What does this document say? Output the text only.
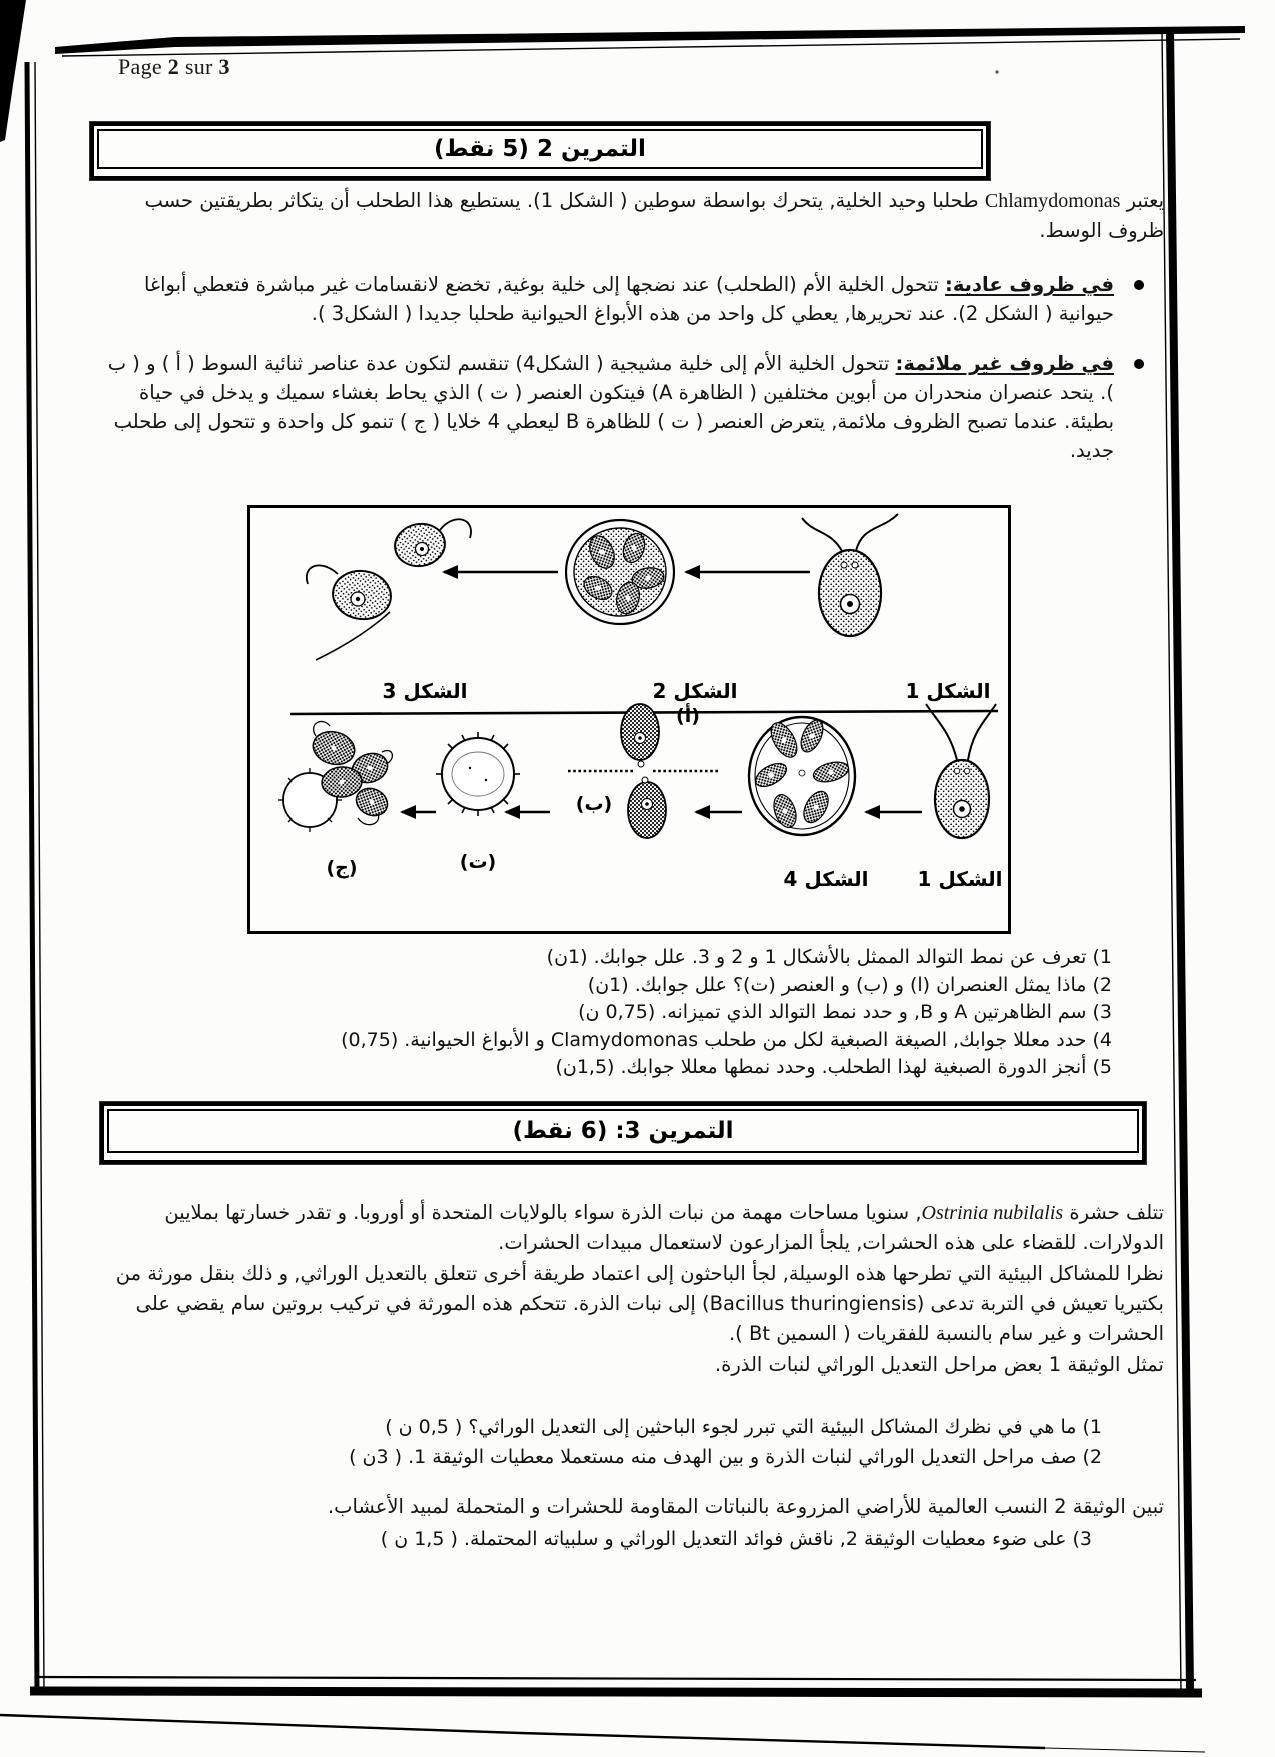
Page 2 sur 3
التمرين 2 (5 نقط)
يعتبر Chlamydomonas طحلبا وحيد الخلية, يتحرك بواسطة سوطين ( الشكل 1). يستطيع هذا الطحلب أن يتكاثر بطريقتين حسب ظروف الوسط.
في ظروف عادية: تتحول الخلية الأم (الطحلب) عند نضجها إلى خلية بوغية, تخضع لانقسامات غير مباشرة فتعطي أبواغا حيوانية ( الشكل 2). عند تحريرها, يعطي كل واحد من هذه الأبواغ الحيوانية طحلبا جديدا ( الشكل3 ).
في ظروف غير ملائمة: تتحول الخلية الأم إلى خلية مشيجية ( الشكل4) تنقسم لتكون عدة عناصر ثنائية السوط ( أ ) و ( ب ). يتحد عنصران منحدران من أبوين مختلفين ( الظاهرة A) فيتكون العنصر ( ت ) الذي يحاط بغشاء سميك و يدخل في حياة بطيئة. عندما تصبح الظروف ملائمة, يتعرض العنصر ( ت ) للظاهرة B ليعطي 4 خلايا ( ج ) تنمو كل واحدة و تتحول إلى طحلب جديد.
الشكل 3	الشكل 2	الشكل 1
(أ)
(ب)
(ت)
(ج)	الشكل 4 الشكل 1
1) تعرف عن نمط التوالد الممثل بالأشكال 1 و 2 و 3. علل جوابك. (1ن)
2) ماذا يمثل العنصران (ا) و (ب) و العنصر (ت)؟ علل جوابك. (1ن)
3) سم الظاهرتين A و B, و حدد نمط التوالد الذي تميزانه. (0,75 ن)
4) حدد معللا جوابك, الصيغة الصبغية لكل من طحلب Clamydomonas و الأبواغ الحيوانية. (0,75)
5) أنجز الدورة الصبغية لهذا الطحلب. وحدد نمطها معللا جوابك. (1,5ن)
التمرين 3: (6 نقط)

تتلف حشرة Ostrinia nubilalis, سنويا مساحات مهمة من نبات الذرة سواء بالولايات المتحدة أو أوروبا. و تقدر خسارتها بملايين الدولارات. للقضاء على هذه الحشرات, يلجأ المزارعون لاستعمال مبيدات الحشرات.

نظرا للمشاكل البيئية التي تطرحها هذه الوسيلة, لجأ الباحثون إلى اعتماد طريقة أخرى تتعلق بالتعديل الوراثي, و ذلك بنقل مورثة من بكتيريا تعيش في التربة تدعى (Bacillus thuringiensis) إلى نبات الذرة. تتحكم هذه المورثة في تركيب بروتين سام يقضي على الحشرات و غير سام بالنسبة للفقريات ( السمين Bt ).

تمثل الوثيقة 1 بعض مراحل التعديل الوراثي لنبات الذرة.

1) ما هي في نظرك المشاكل البيئية التي تبرر لجوء الباحثين إلى التعديل الوراثي؟ ( 0,5 ن )
2) صف مراحل التعديل الوراثي لنبات الذرة و بين الهدف منه مستعملا معطيات الوثيقة 1. ( 3ن )
تبين الوثيقة 2 النسب العالمية للأراضي المزروعة بالنباتات المقاومة للحشرات و المتحملة لمبيد الأعشاب.
3) على ضوء معطيات الوثيقة 2, ناقش فوائد التعديل الوراثي و سلبياته المحتملة. ( 1,5 ن )
